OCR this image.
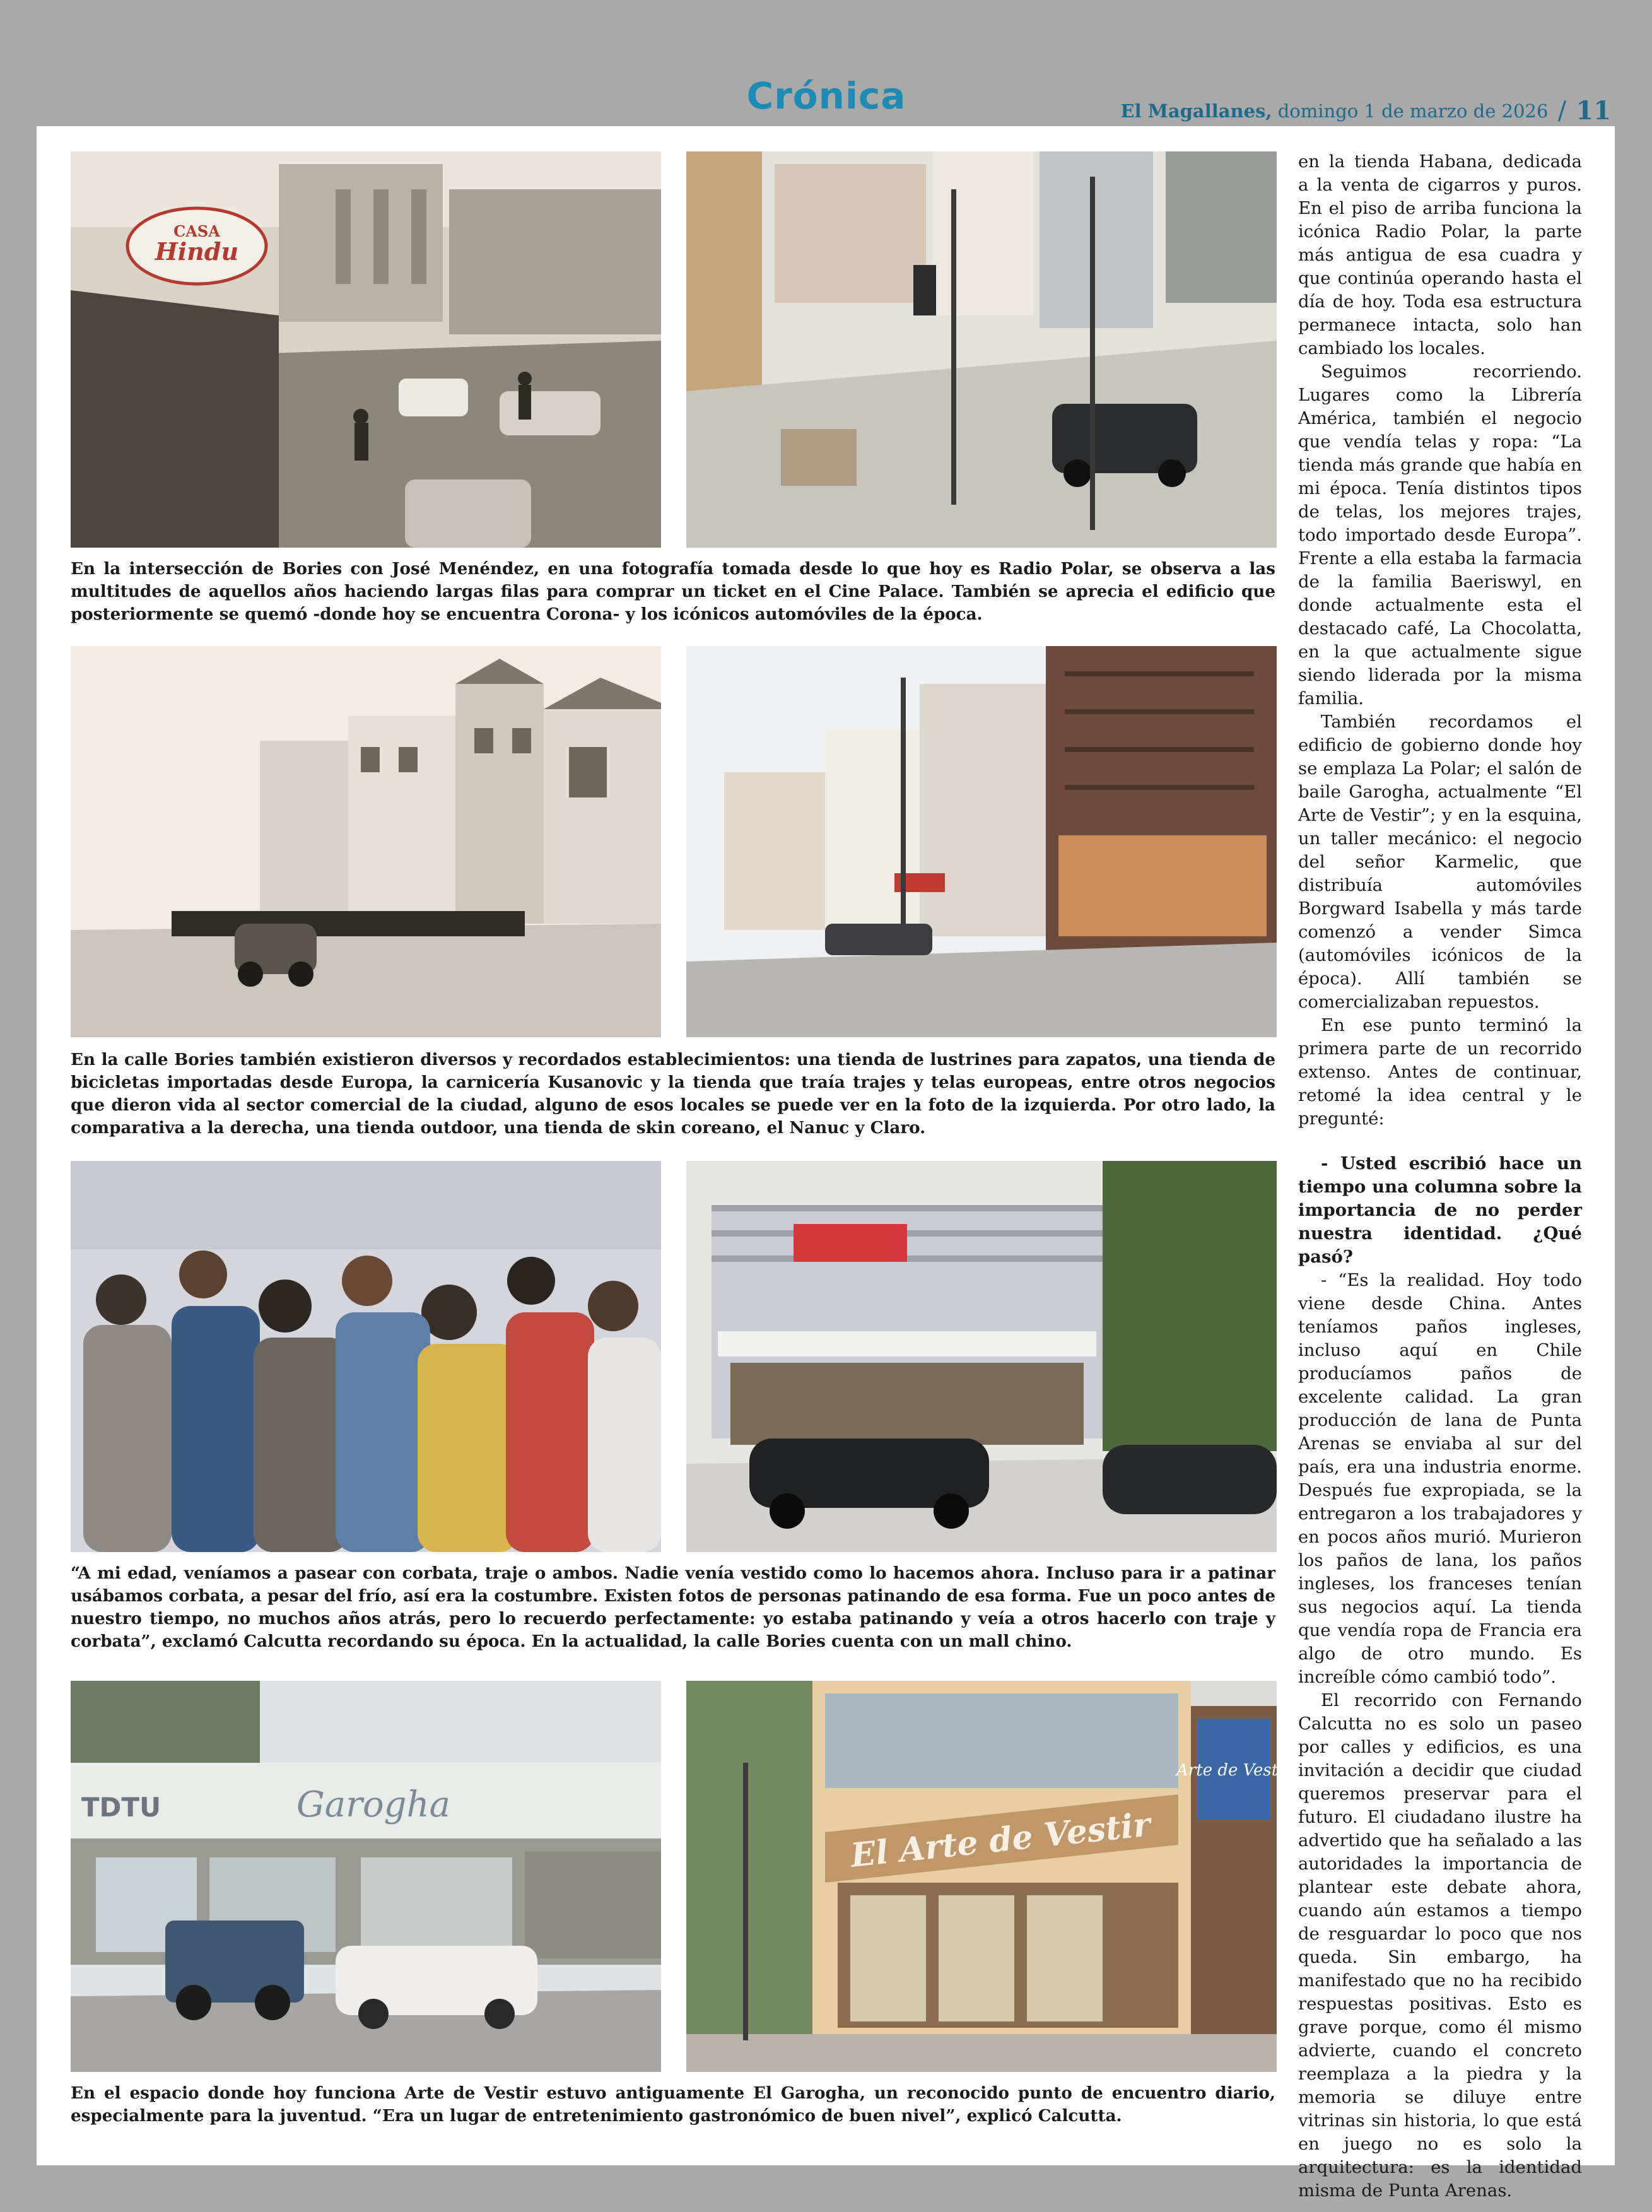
Crónica	El Magallanes, domingo 1 de marzo de 2026 / 11
CASA
Hindu
En la intersección de Bories con José Menéndez, en una fotografía tomada desde lo que hoy es Radio Polar, se observa a las multitudes de aquellos años haciendo largas filas para comprar un ticket en el Cine Palace. También se aprecia el edificio que posteriormente se quemó -donde hoy se encuentra Corona- y los icónicos automóviles de la época.
En la calle Bories también existieron diversos y recordados establecimientos: una tienda de lustrines para zapatos, una tienda de bicicletas importadas desde Europa, la carnicería Kusanovic y la tienda que traía trajes y telas europeas, entre otros negocios que dieron vida al sector comercial de la ciudad, alguno de esos locales se puede ver en la foto de la izquierda. Por otro lado, la comparativa a la derecha, una tienda outdoor, una tienda de skin coreano, el Nanuc y Claro.
“A mi edad, veníamos a pasear con corbata, traje o ambos. Nadie venía vestido como lo hacemos ahora. Incluso para ir a patinar usábamos corbata, a pesar del frío, así era la costumbre. Existen fotos de personas patinando de esa forma. Fue un poco antes de nuestro tiempo, no muchos años atrás, pero lo recuerdo perfectamente: yo estaba patinando y veía a otros hacerlo con traje y corbata”, exclamó Calcutta recordando su época. En la actualidad, la calle Bories cuenta con un mall chino.
Garogha
TDTU	El Arte de Vestir
Arte de Vestir
En el espacio donde hoy funciona Arte de Vestir estuvo antiguamente El Garogha, un reconocido punto de encuentro diario, especialmente para la juventud. “Era un lugar de entretenimiento gastronómico de buen nivel”, explicó Calcutta.

en la tienda Habana, dedicada a la venta de cigarros y puros. En el piso de arriba funciona la icónica Radio Polar, la parte más antigua de esa cuadra y que continúa operando hasta el día de hoy. Toda esa estructura permanece intacta, solo han cambiado los locales.

Seguimos recorriendo. Lugares como la Librería América, también el negocio que vendía telas y ropa: “La tienda más grande que había en mi época. Tenía distintos tipos de telas, los mejores trajes, todo importado desde Europa”. Frente a ella estaba la farmacia de la familia Baeriswyl, en donde actualmente esta el destacado café, La Chocolatta, en la que actualmente sigue siendo liderada por la misma familia.

También recordamos el edificio de gobierno donde hoy se emplaza La Polar; el salón de baile Garogha, actualmente “El Arte de Vestir”; y en la esquina, un taller mecánico: el negocio del señor Karmelic, que distribuía automóviles Borgward Isabella y más tarde comenzó a vender Simca (automóviles icónicos de la época). Allí también se comercializaban repuestos.

En ese punto terminó la primera parte de un recorrido extenso. Antes de continuar, retomé la idea central y le pregunté:

- Usted escribió hace un tiempo una columna sobre la importancia de no perder nuestra identidad. ¿Qué pasó?

- “Es la realidad. Hoy todo viene desde China. Antes teníamos paños ingleses, incluso aquí en Chile producíamos paños de excelente calidad. La gran producción de lana de Punta Arenas se enviaba al sur del país, era una industria enorme. Después fue expropiada, se la entregaron a los trabajadores y en pocos años murió. Murieron los paños de lana, los paños ingleses, los franceses tenían sus negocios aquí. La tienda que vendía ropa de Francia era algo de otro mundo. Es increíble cómo cambió todo”.

El recorrido con Fernando Calcutta no es solo un paseo por calles y edificios, es una invitación a decidir que ciudad queremos preservar para el futuro. El ciudadano ilustre ha advertido que ha señalado a las autoridades la importancia de plantear este debate ahora, cuando aún estamos a tiempo de resguardar lo poco que nos queda. Sin embargo, ha manifestado que no ha recibido respuestas positivas. Esto es grave porque, como él mismo advierte, cuando el concreto reemplaza a la piedra y la memoria se diluye entre vitrinas sin historia, lo que está en juego no es solo la arquitectura: es la identidad misma de Punta Arenas.
